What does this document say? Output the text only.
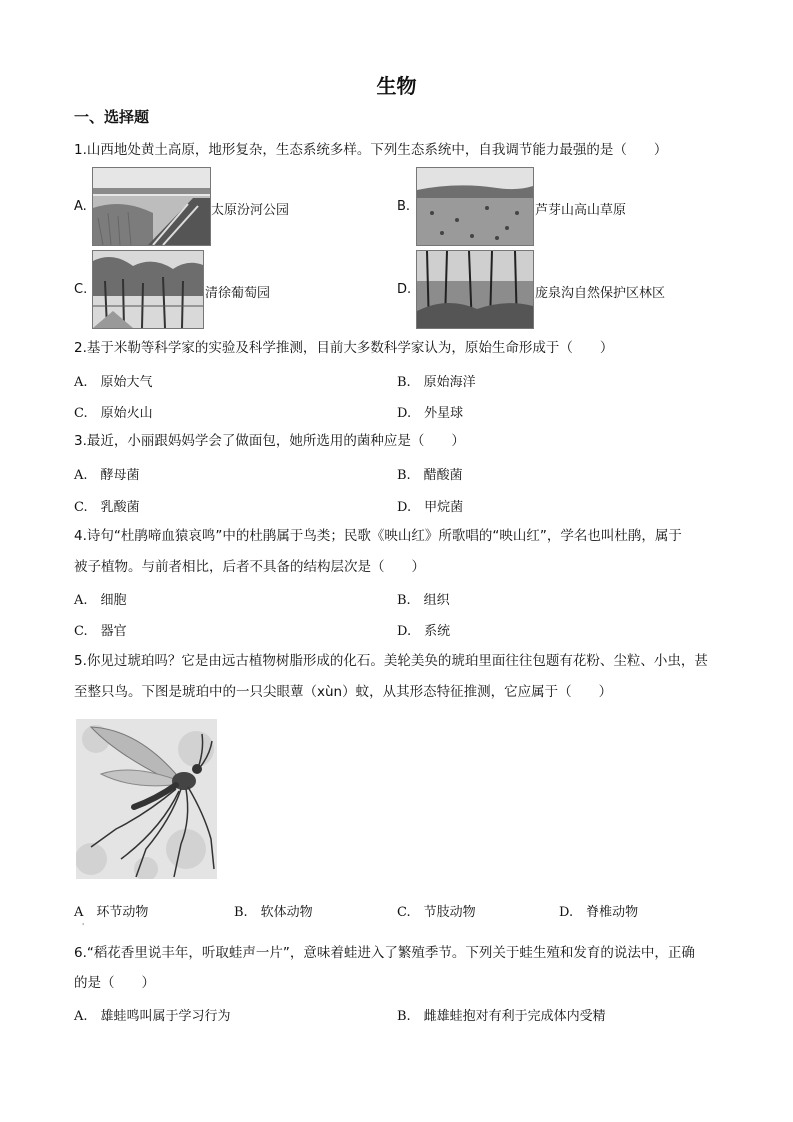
生物
一、选择题
1.山西地处黄土高原，地形复杂，生态系统多样。下列生态系统中，自我调节能力最强的是（　　）
A.	太原汾河公园	B.	芦芽山高山草原
C.	清徐葡萄园	D.	庞泉沟自然保护区林区
2.基于米勒等科学家的实验及科学推测，目前大多数科学家认为，原始生命形成于（　　）
A.　原始大气	B.　原始海洋
C.　原始火山	D.　外星球
3.最近，小丽跟妈妈学会了做面包，她所选用的菌种应是（　　）
A.　酵母菌	B.　醋酸菌
C.　乳酸菌	D.　甲烷菌
4.诗句“杜鹃啼血猿哀鸣”中的杜鹃属于鸟类；民歌《映山红》所歌唱的“映山红”，学名也叫杜鹃，属于
被子植物。与前者相比，后者不具备的结构层次是（　　）
A.　细胞	B.　组织
C.　器官	D.　系统
5.你见过琥珀吗？它是由远古植物树脂形成的化石。美轮美奂的琥珀里面往往包题有花粉、尘粒、小虫，甚
至整只鸟。下图是琥珀中的一只尖眼蕈（xùn）蚊，从其形态特征推测，它应属于（　　）
A　环节动物	B.　软体动物	C.　节肢动物	D.　脊椎动物
'
6.“稻花香里说丰年，听取蛙声一片”，意味着蛙进入了繁殖季节。下列关于蛙生殖和发育的说法中，正确
的是（　　）
A.　雄蛙鸣叫属于学习行为	B.　雌雄蛙抱对有利于完成体内受精
